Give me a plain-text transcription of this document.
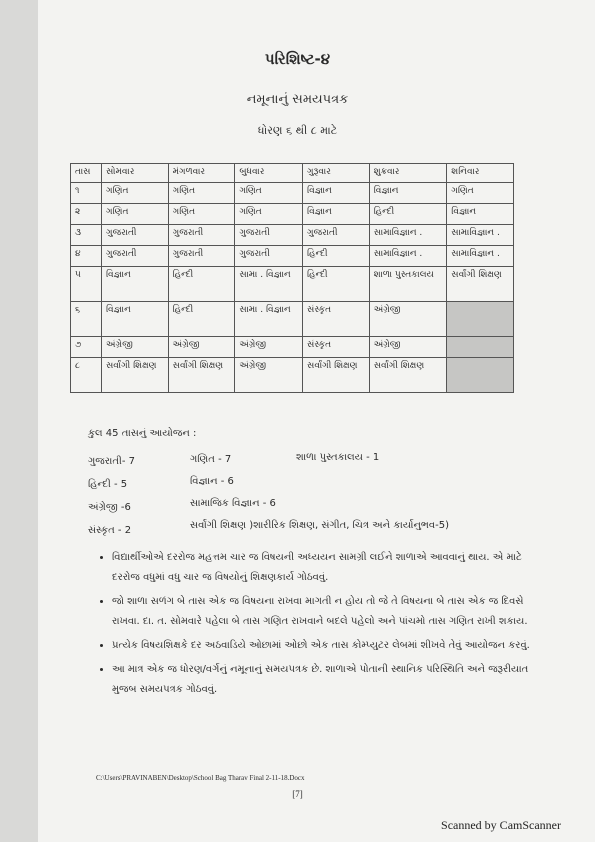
પરિશિષ્ટ-૪
નમૂનાનું સમયપત્રક
ધોરણ ૬ થી ૮ માટે
તાસ	સોમવાર	મંગળવાર	બુધવાર	ગુરૂવાર	શુક્રવાર	શનિવાર
૧	ગણિત	ગણિત	ગણિત	વિજ્ઞાન	વિજ્ઞાન	ગણિત
૨	ગણિત	ગણિત	ગણિત	વિજ્ઞાન	હિન્દી	વિજ્ઞાન
૩	ગુજરાતી	ગુજરાતી	ગુજરાતી	ગુજરાતી	સામાવિજ્ઞાન .	સામાવિજ્ઞાન .
૪	ગુજરાતી	ગુજરાતી	ગુજરાતી	હિન્દી	સામાવિજ્ઞાન .	સામાવિજ્ઞાન .
૫	વિજ્ઞાન	હિન્દી	સામા . વિજ્ઞાન	હિન્દી	શાળા પુસ્તકાલય	સર્વાંગી શિક્ષણ
૬	વિજ્ઞાન	હિન્દી	સામા . વિજ્ઞાન	સંસ્કૃત	અંગ્રેજી	
૭	અંગ્રેજી	અંગ્રેજી	અંગ્રેજી	સંસ્કૃત	અંગ્રેજી	
૮	સર્વાંગી શિક્ષણ	સર્વાંગી શિક્ષણ	અંગ્રેજી	સર્વાંગી શિક્ષણ	સર્વાંગી શિક્ષણ	
કુલ 45 તાસનું આયોજન :
ગુજરાતી- 7
હિન્દી - 5
અંગ્રેજી -6
સંસ્કૃત - 2
ગણિત - 7
વિજ્ઞાન - 6
સામાજિક વિજ્ઞાન - 6
સર્વાંગી શિક્ષણ )શારીરિક શિક્ષણ, સંગીત, ચિત્ર અને કાર્યાનુભવ-5)
શાળા પુસ્તકાલય - 1
• વિદ્યાર્થીઓએ દરરોજ મહત્તમ ચાર જ વિષયની અધ્યયન સામગ્રી લઈને શાળાએ આવવાનું થાય. એ માટે દરરોજ વધુમાં વધુ ચાર જ વિષયોનું શિક્ષણકાર્ય ગોઠવવું.
• જો શાળા સળંગ બે તાસ એક જ વિષયના રાખવા માગતી ન હોય તો જે તે વિષયના બે તાસ એક જ દિવસે રાખવા. દા. ત. સોમવારે પહેલા બે તાસ ગણિત રાખવાને બદલે પહેલો અને પાંચમો તાસ ગણિત રાખી શકાય.
• પ્રત્યેક વિષયશિક્ષકે દર અઠવાડિયે ઓછામાં ઓછો એક તાસ કોમ્પ્યુટર લેબમાં શીખવે તેવું આયોજન કરવું.
• આ માત્ર એક જ ધોરણ/વર્ગનું નમૂનાનું સમયપત્રક છે. શાળાએ પોતાની સ્થાનિક પરિસ્થિતિ અને જરૂરીયાત મુજબ સમયપત્રક ગોઠવવું.
C:\Users\PRAVINABEN\Desktop\School Bag Tharav Final 2-11-18.Docx
[7]
Scanned by CamScanner
